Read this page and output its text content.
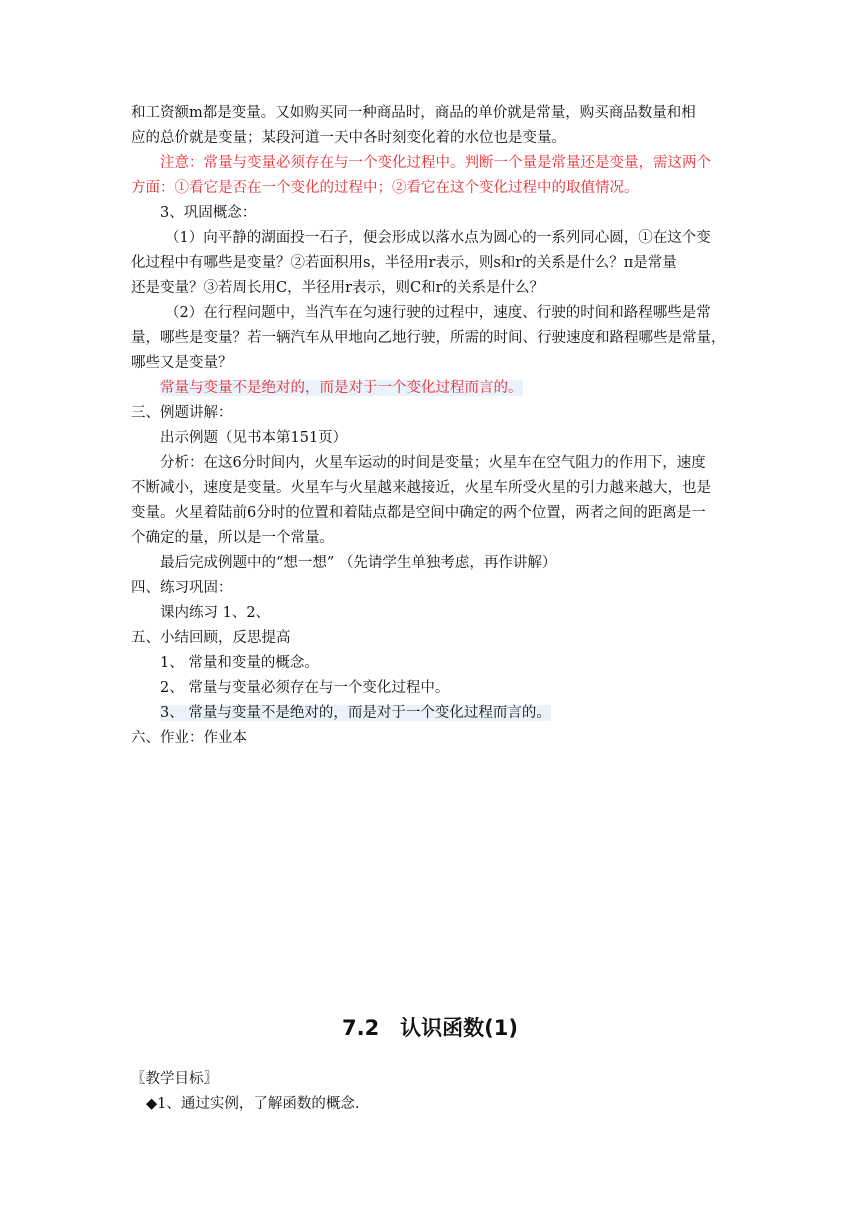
和工资额m都是变量。又如购买同一种商品时，商品的单价就是常量，购买商品数量和相
应的总价就是变量；某段河道一天中各时刻变化着的水位也是变量。
注意：常量与变量必须存在与一个变化过程中。判断一个量是常量还是变量，需这两个
方面：①看它是否在一个变化的过程中；②看它在这个变化过程中的取值情况。
3、巩固概念：
（1）向平静的湖面投一石子，便会形成以落水点为圆心的一系列同心圆，①在这个变
化过程中有哪些是变量？②若面积用s，半径用r表示，则s和r的关系是什么？π是常量
还是变量？③若周长用C，半径用r表示，则C和r的关系是什么？
（2）在行程问题中，当汽车在匀速行驶的过程中，速度、行驶的时间和路程哪些是常
量，哪些是变量？若一辆汽车从甲地向乙地行驶，所需的时间、行驶速度和路程哪些是常量，
哪些又是变量？
常量与变量不是绝对的，而是对于一个变化过程而言的。
三、例题讲解：
出示例题（见书本第151页）
分析：在这6分时间内，火星车运动的时间是变量；火星车在空气阻力的作用下，速度
不断减小，速度是变量。火星车与火星越来越接近，火星车所受火星的引力越来越大，也是
变量。火星着陆前6分时的位置和着陆点都是空间中确定的两个位置，两者之间的距离是一
个确定的量，所以是一个常量。
最后完成例题中的“想一想” （先请学生单独考虑，再作讲解）
四、练习巩固：
课内练习 1、2、
五、小结回顾，反思提高
1、 常量和变量的概念。
2、 常量与变量必须存在与一个变化过程中。
3、 常量与变量不是绝对的，而是对于一个变化过程而言的。
六、作业：作业本
7.2　认识函数(1)
〖教学目标〗
◆1、通过实例，了解函数的概念.
